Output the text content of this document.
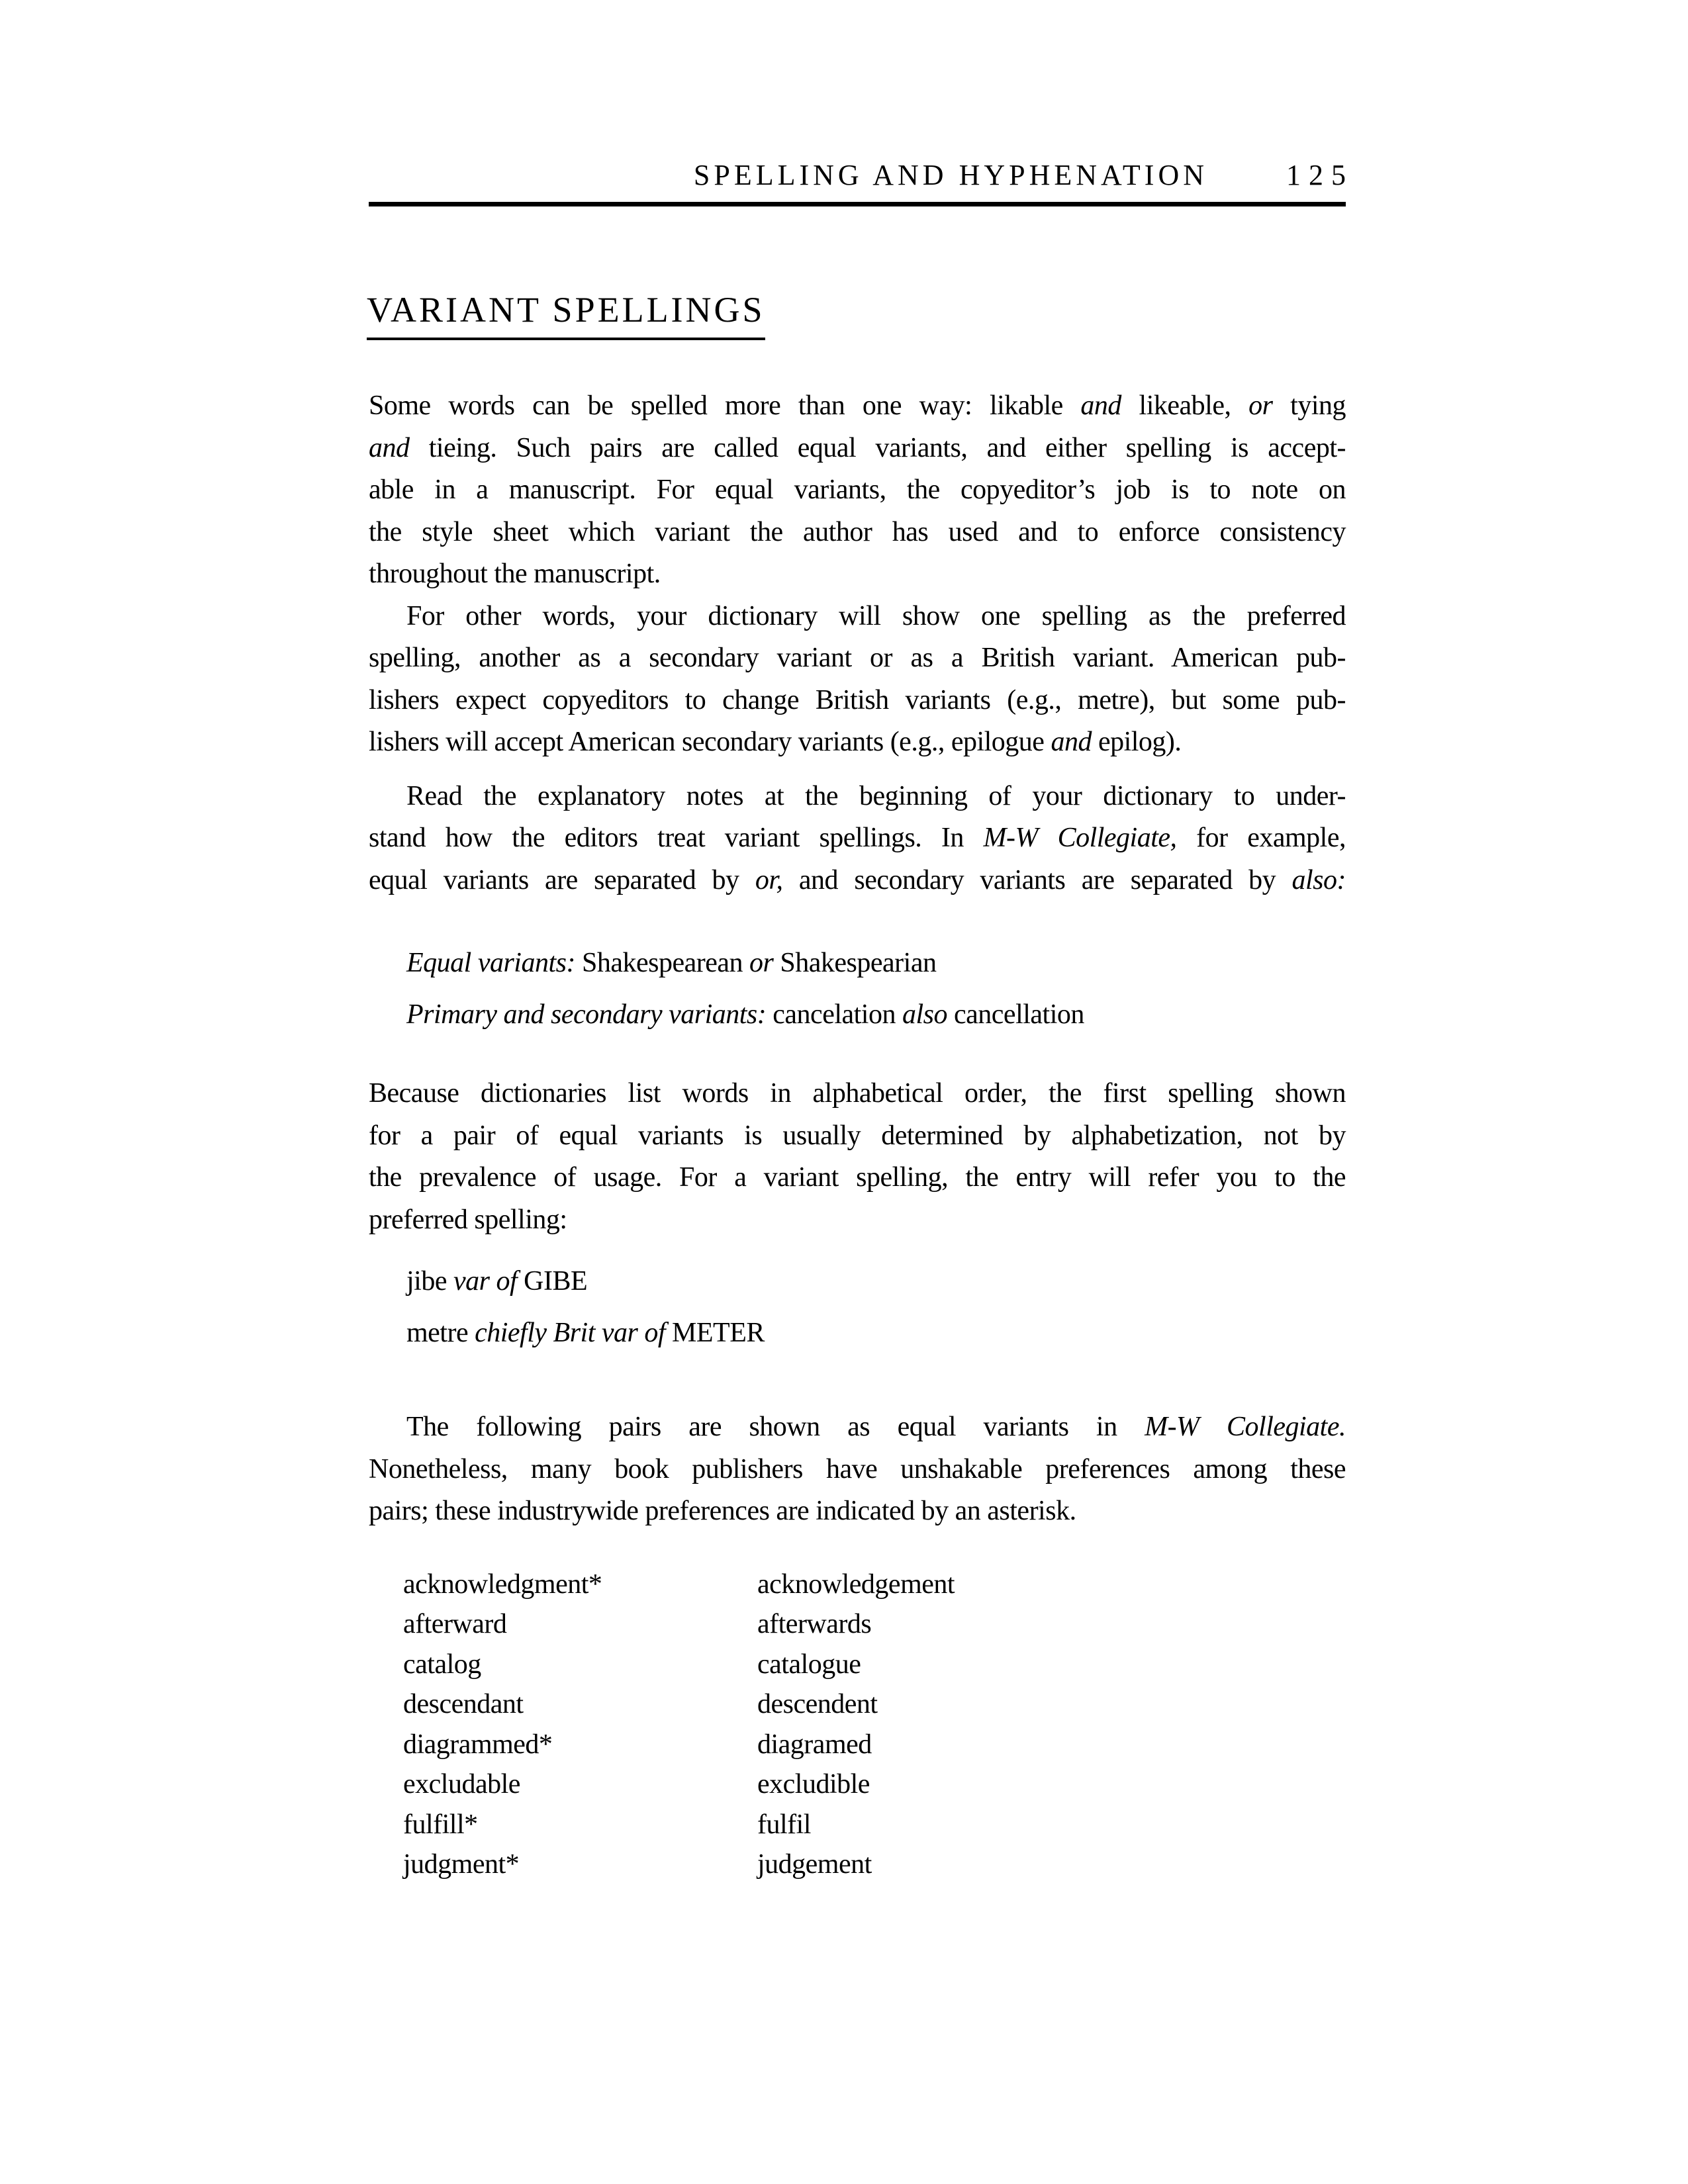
SPELLING AND HYPHENATION	125
VARIANT SPELLINGS
Some words can be spelled more than one way: likable and likeable, or tying
and tieing. Such pairs are called equal variants, and either spelling is accept-
able in a manuscript. For equal variants, the copyeditor’s job is to note on
the style sheet which variant the author has used and to enforce consistency
throughout the manuscript.
For other words, your dictionary will show one spelling as the preferred
spelling, another as a secondary variant or as a British variant. American pub-
lishers expect copyeditors to change British variants (e.g., metre), but some pub-
lishers will accept American secondary variants (e.g., epilogue and epilog).
Read the explanatory notes at the beginning of your dictionary to under-
stand how the editors treat variant spellings. In M-W Collegiate, for example,
equal variants are separated by or, and secondary variants are separated by also:
Equal variants: Shakespearean or Shakespearian
Primary and secondary variants: cancelation also cancellation
Because dictionaries list words in alphabetical order, the first spelling shown
for a pair of equal variants is usually determined by alphabetization, not by
the prevalence of usage. For a variant spelling, the entry will refer you to the
preferred spelling:
jibe var of GIBE
metre chiefly Brit var of METER
The following pairs are shown as equal variants in M-W Collegiate.
Nonetheless, many book publishers have unshakable preferences among these
pairs; these industrywide preferences are indicated by an asterisk.
acknowledgment*	acknowledgement
afterward	afterwards
catalog	catalogue
descendant	descendent
diagrammed*	diagramed
excludable	excludible
fulfill*	fulfil
judgment*	judgement
